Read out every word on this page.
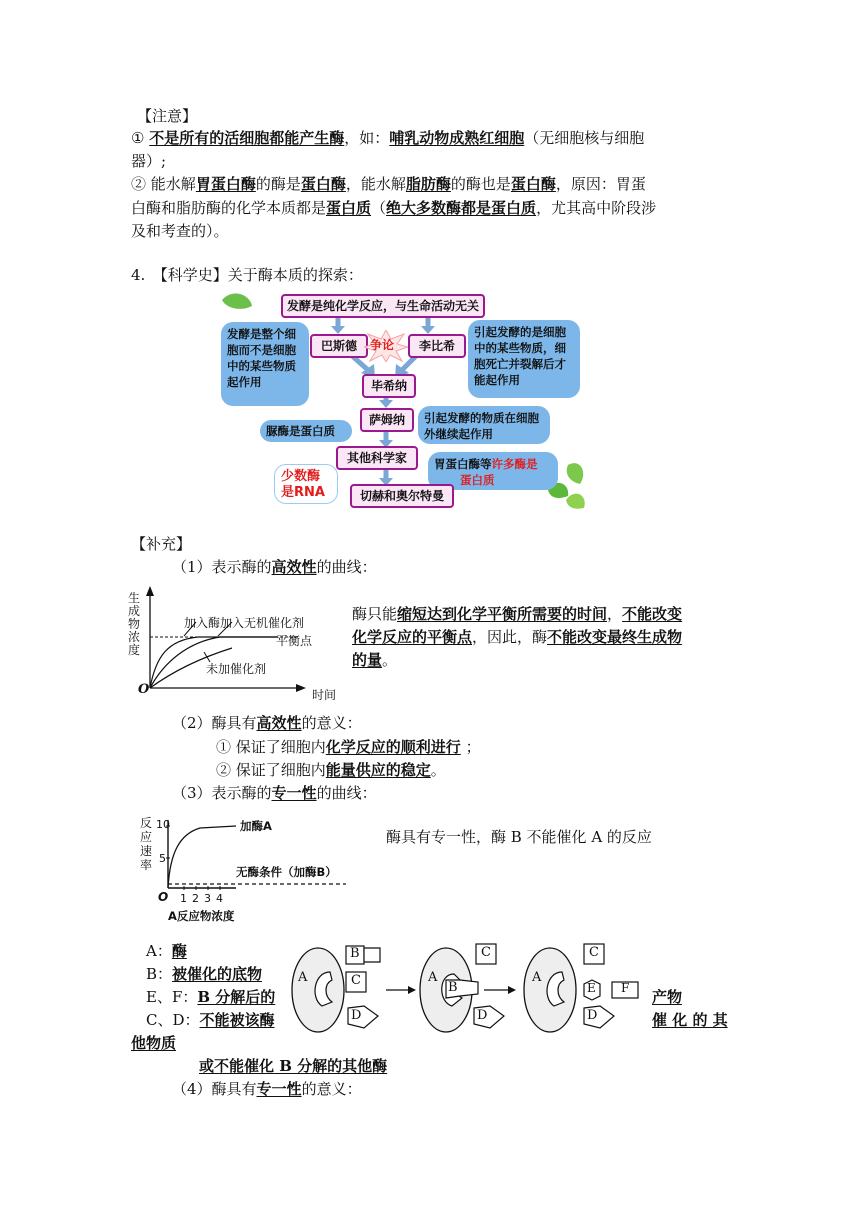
【注意】
① 不是所有的活细胞都能产生酶，如：哺乳动物成熟红细胞（无细胞核与细胞
器）;
② 能水解胃蛋白酶的酶是蛋白酶，能水解脂肪酶的酶也是蛋白酶，原因：胃蛋
白酶和脂肪酶的化学本质都是蛋白质（绝大多数酶都是蛋白质，尤其高中阶段涉
及和考查的）。
4.　【科学史】关于酶本质的探索：
发酵是纯化学反应，与生命活动无关
发酵是整个细胞而不是细胞中的某些物质起作用
巴斯德	争论	李比希
引起发酵的是细胞中的某些物质，细胞死亡并裂解后才能起作用
毕希纳
萨姆纳	引起发酵的物质在细胞外继续起作用
脲酶是蛋白质
其他科学家	胃蛋白酶等许多酶是
蛋白质
少数酶
是RNA	切赫和奥尔特曼
【补充】
（1）表示酶的高效性的曲线：
生成物浓度
O	时间
加入酶 加入无机催化剂
平衡点
未加催化剂
酶只能缩短达到化学平衡所需要的时间，不能改变
化学反应的平衡点，因此，酶不能改变最终生成物
的量。
（2）酶具有高效性的意义：
① 保证了细胞内化学反应的顺利进行 ；
② 保证了细胞内能量供应的稳定。
（3）表示酶的专一性的曲线：
反应速率
10
5
O 1 2 3 4
A反应物浓度
加酶A
无酶条件（加酶B）
酶具有专一性，酶 B 不能催化 A 的反应
A：酶
B：被催化的底物
E、F：B 分解后的
C、D：不能被该酶
他物质
或不能催化 B 分解的其他酶
产物
催 化 的 其
A
B
C
D
A
B
C
D
A
C
E F
D
（4）酶具有专一性的意义：
